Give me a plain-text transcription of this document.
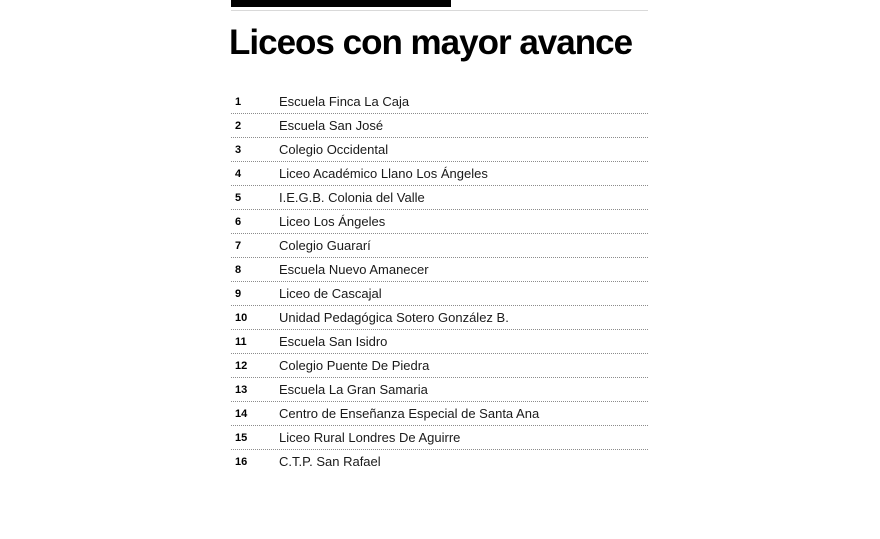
Liceos con mayor avance
1	Escuela Finca La Caja
2	Escuela San José
3	Colegio Occidental
4	Liceo Académico Llano Los Ángeles
5	I.E.G.B. Colonia del Valle
6	Liceo Los Ángeles
7	Colegio Guararí
8	Escuela Nuevo Amanecer
9	Liceo de Cascajal
10	Unidad Pedagógica Sotero González B.
11	Escuela San Isidro
12	Colegio Puente De Piedra
13	Escuela La Gran Samaria
14	Centro de Enseñanza Especial de Santa Ana
15	Liceo Rural Londres De Aguirre
16	C.T.P. San Rafael
